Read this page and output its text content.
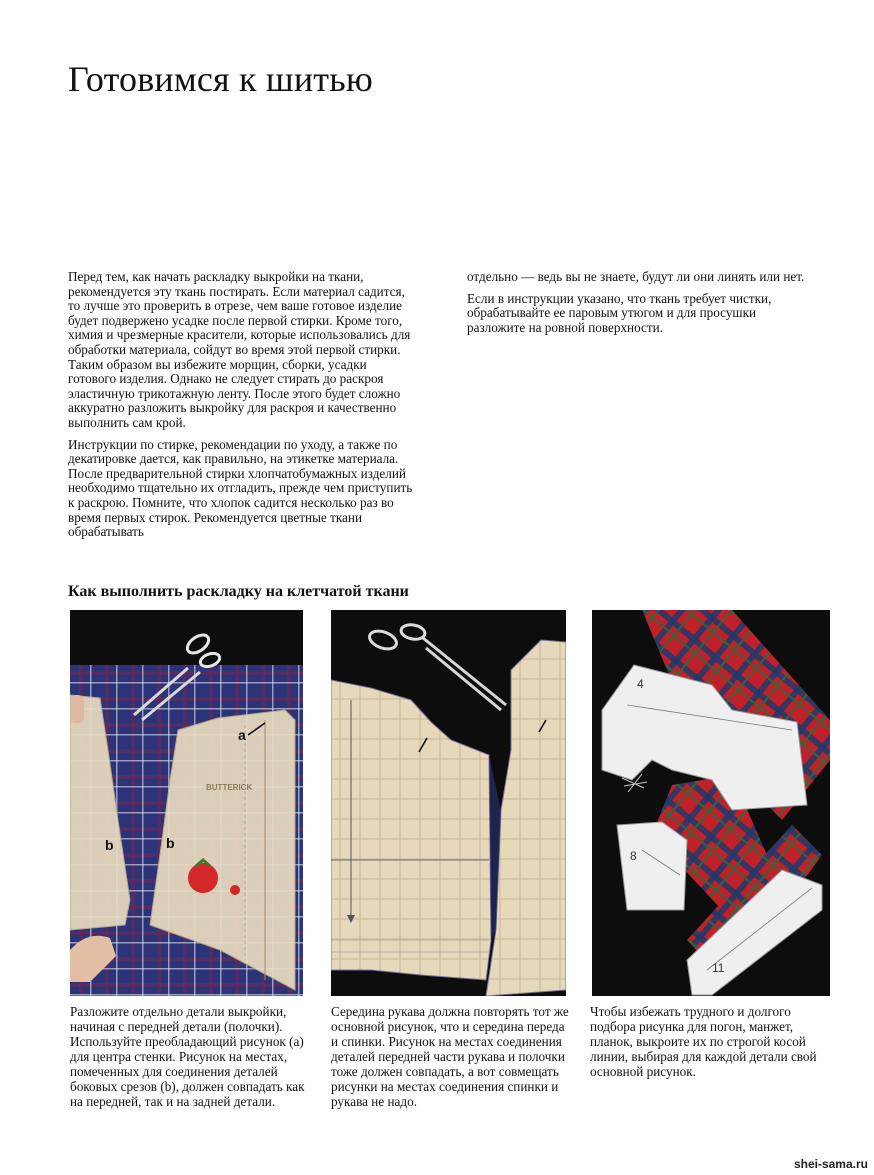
Готовимся к шитью

Перед тем, как начать раскладку выкройки на ткани, рекомендуется эту ткань постирать. Если материал садится, то лучше это проверить в отрезе, чем ваше готовое изделие будет подвержено усадке после первой стирки. Кроме того, химия и чрезмерные красители, которые использовались для обработки материала, сойдут во время этой первой стирки. Таким образом вы избежите морщин, сборки, усадки готового изделия. Однако не следует стирать до раскроя эластичную трикотажную ленту. После этого будет сложно аккуратно разложить выкройку для раскроя и качественно выполнить сам крой.

Инструкции по стирке, рекомендации по уходу, а также по декатировке дается, как правильно, на этикетке материала. После предварительной стирки хлопчатобумажных изделий необходимо тщательно их отгладить, прежде чем приступить к раскрою. Помните, что хлопок садится несколько раз во время первых стирок. Рекомендуется цветные ткани обрабатывать

отдельно — ведь вы не знаете, будут ли они линять или нет.

Если в инструкции указано, что ткань требует чистки, обрабатывайте ее паровым утюгом и для просушки разложите на ровной поверхности.

Как выполнить раскладку на клетчатой ткани
a
b	b
BUTTERICK
4
8
11

Разложите отдельно детали выкройки, начиная с передней детали (полочки). Используйте преобладающий рисунок (а) для центра стенки. Рисунок на местах, помеченных для соединения деталей боковых срезов (b), должен совпадать как на передней, так и на задней детали.

Середина рукава должна повторять тот же основной рисунок, что и середина переда и спинки. Рисунок на местах соединения деталей передней части рукава и полочки тоже должен совпадать, а вот совмещать рисунки на местах соединения спинки и рукава не надо.

Чтобы избежать трудного и долгого подбора рисунка для погон, манжет, планок, выкроите их по строгой косой линии, выбирая для каждой детали свой основной рисунок.

shei-sama.ru
